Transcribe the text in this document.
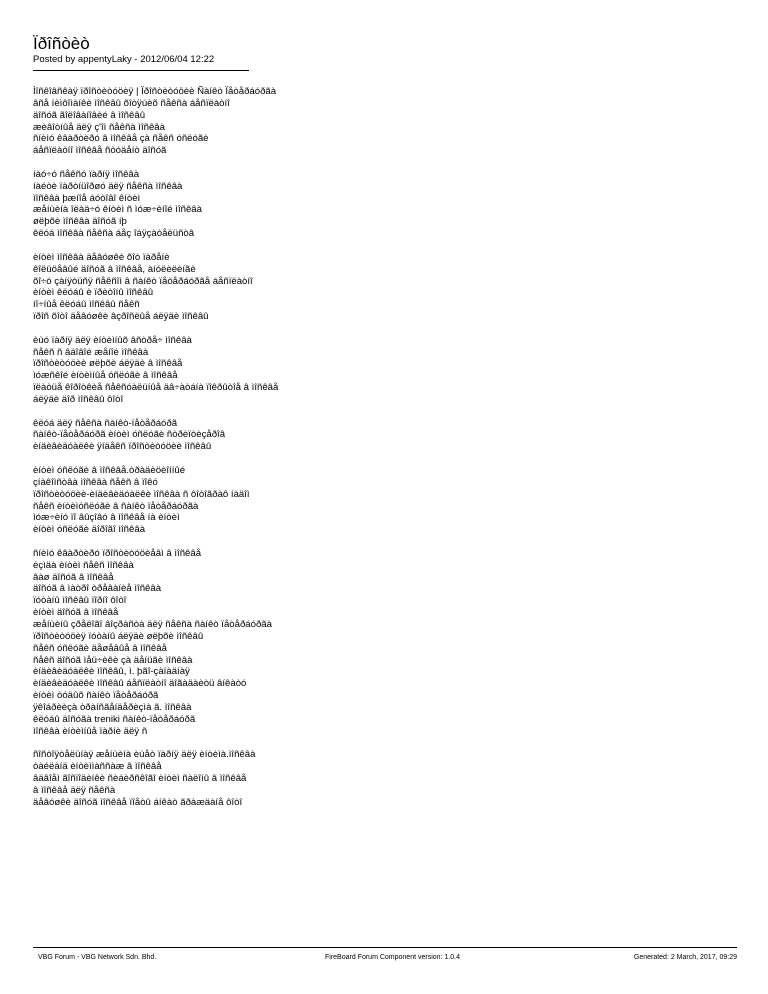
Ïðîñòèò
Posted by appentyLaky - 2012/06/04 12:22
Ìîñêîâñêàÿ ïðîñòèòóöèÿ | Ïðîñòèòóöèè Ñàíêò Ïåòåðáóðãà
âñå íèìôîìàíêè ìîñêâû õîòÿùèõ ñåêñà áåñïëàòíî
äîñóã ãîëîâàíîâèé â ìîñêâû
æèâîòíûå äëÿ ç'îì ñåêñà ìîñêâà
ñíèìó êâàðòèðó â ìîñêâå çà ñåêñ óñëóãè
áåñïëàòíî ìîñêâå ñòóäåíò äîñóã
íàó÷ó ñåêñó ïàðíÿ ìîñêâà
íàéòè ïàðòíüîðøó äëÿ ñåêñà ìîñêâà
ìîñêâà þæíîå áóòîâî êíòèì
æåíùèíà îëàä÷ó êíòèì ñ ìóæ÷èíîé ìîñêâà
øëþõè ìîñêâà äîñóã íþ
êëóá ìîñêâà ñåêñà áåç îáÿçàòåëüñòâ
èíòèì ìîñêâà äåâóøêè õîò ïàðåíè
êîëüöåâûé äîñóã â ìîñêâå, àíóëèëèíãè
õî÷ó çàíÿòüñÿ ñåêñîì â ñàíêò ïåòåðáóðãå áåñïëàòíî
èíòèì êëóáû è ïðèòîíû ìîñêâû
íî÷íûå êëóáû ìîñêâû ñåêñ
ïðîñ õîòî äåâóøêè âçðîñëûå áëÿäè ìîñêâû
èùó ïàðíÿ äëÿ èíòèìíûõ âñòðå÷ ìîñêâà
ñåêñ ñ âäîâîé æåíîé ìîñêâà
ïðîñòèòóöèè øëþõè áëÿäè â ìîñêâå
ìóæñêîé èíòèìíûå óñëóãè â ìîñêâå
ïëàòüå êîðîòêèå ñåêñóàëüíûå äâ÷àòáíà ïîêðûòîå â ìîñêâå
áëÿäè äîð ìîñêâû ôîòî
êëóá äëÿ ñåêñà ñàíêò-ïåòåðáóðã
ñàíêò-ïåòåðáóðã èíòèì óñëóãè ñòðèïòèçåðîâ
èíäèâèäóàëêè ÿíäåêñ ïðîñòèòóöèè ìîñêâû
èíòèì óñëóãè â ìîñêâå.òðàäèöèîííûé
çíàêîìñòâà ìîñêâà ñåêñ â ïîêó
ïðîñòèòóöèè-èíäèâèäóàëêè ìîñêâà ñ ôîòîãðàô íàäîì
ñåêñ èíòèìóñëóãè â ñàíêò ïåòåðáóðãà
ìóæ÷èíó ïî âûçîâó â ìîñêâå íà èíòèì
èíòèì óñëóãè äîðîãî ìîñêâà
ñíèìó êâàðòèðó ïðîñòèòóöèåâì â ìîñêâå
èçìäà èíòèì ñåêñ ìîñêâà
âàø äîñóã â ìîñêâå
äîñóã â ìàòðî òðåâàíèå ìîñêâà
ïóòàíû ìîñêâû ïîðíî ôîòî
èíòèì äîñóã â ìîñêâå
æåíùèíû çðåëîãî âîçðàñòà äëÿ ñåêñà ñàíêò ïåòåðáóðãà
ïðîñòèòóöèÿ ïóòàíû áëÿäè øëþõè ìîñêâû
ñåêñ óñëóãè äåøåâûå â ìîñêâå
ñåêñ äîñóã ìåü÷èêè çà äåíüãè ìîñêâà
èíäèâèäóàëêè ìîñêâû, ì. þãî-çàïàäíàÿ
èíäèâèäóàëêè ìîñêâû áåñïëàòíî äîãàäàèòü âíêàòó
èíòèì òóäûõ ñàíêò ïåòåðáóðã
ÿêîáðèèçà òðàíñãåíäåðèçìà ã. ìîñêâà
êëóáû äîñóãà treniki ñàíêò-ïåòåðáóðã
ìîñêâà èíòèìíûå ïàðíè äëÿ ñ
ñîñòîÿòåëüíàÿ æåíùèíà èùåò ïàðíÿ äëÿ èíòèìà.ìîñêâà
òàéëàíä èíòèììàññàæ â ìîñêâå
âäâîåì ãîñïîäèíêè ñèáèðñêîãî èíòèì ñàëîíû â ìîñêâå
â ìîñêâå äëÿ ñåêñà
äåâóøêè äîñóã ìîñêâå ïîåòû áíêàò ãðàæäàíå ôîòî
VBG Forum - VBG Network Sdn. Bhd.	FireBoard Forum Component version: 1.0.4	Generated: 2 March, 2017, 09:29
